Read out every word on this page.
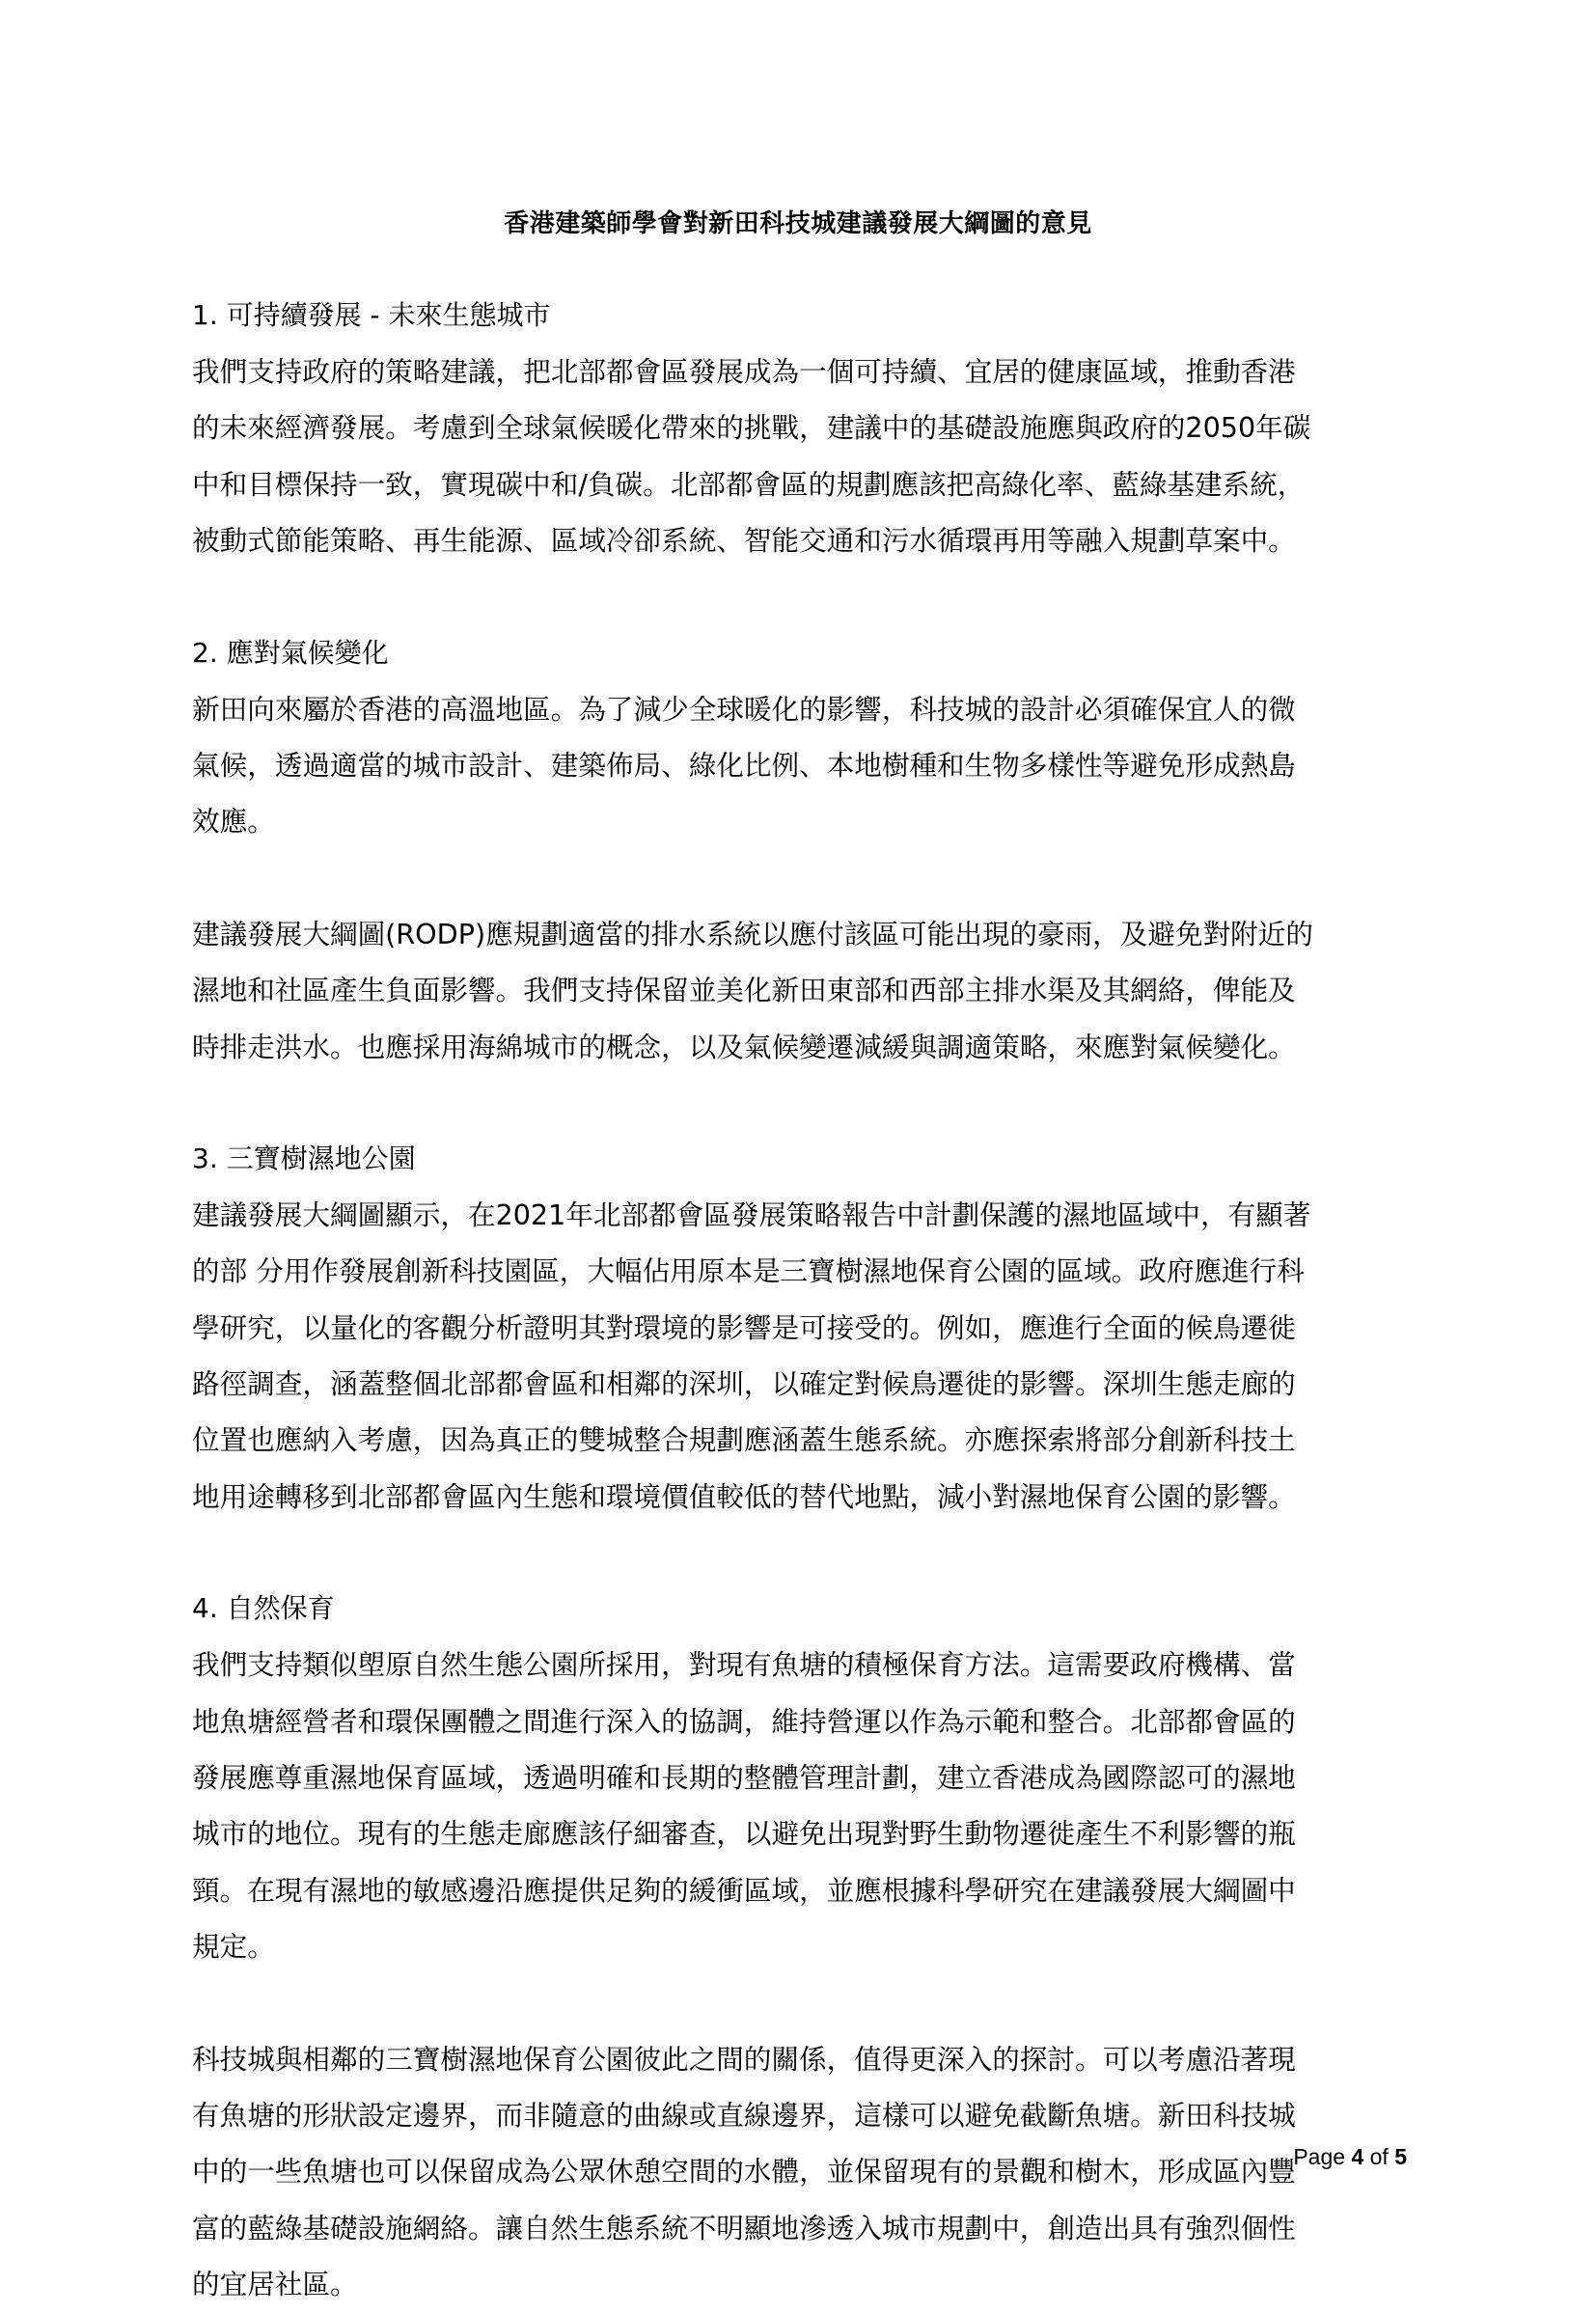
香港建築師學會對新田科技城建議發展大綱圖的意見
1. 可持續發展 - 未來生態城市
我們支持政府的策略建議，把北部都會區發展成為一個可持續、宜居的健康區域，推動香港
的未來經濟發展。考慮到全球氣候暖化帶來的挑戰，建議中的基礎設施應與政府的2050年碳
中和目標保持一致，實現碳中和/負碳。北部都會區的規劃應該把高綠化率、藍綠基建系統，
被動式節能策略、再生能源、區域冷卻系統、智能交通和污水循環再用等融入規劃草案中。
2. 應對氣候變化
新田向來屬於香港的高溫地區。為了減少全球暖化的影響，科技城的設計必須確保宜人的微
氣候，透過適當的城市設計、建築佈局、綠化比例、本地樹種和生物多樣性等避免形成熱島
效應。
建議發展大綱圖(RODP)應規劃適當的排水系統以應付該區可能出現的豪雨，及避免對附近的
濕地和社區產生負面影響。我們支持保留並美化新田東部和西部主排水渠及其網絡，俾能及
時排走洪水。也應採用海綿城市的概念，以及氣候變遷減緩與調適策略，來應對氣候變化。
3. 三寶樹濕地公園
建議發展大綱圖顯示，在2021年北部都會區發展策略報告中計劃保護的濕地區域中，有顯著
的部 分用作發展創新科技園區，大幅佔用原本是三寶樹濕地保育公園的區域。政府應進行科
學研究，以量化的客觀分析證明其對環境的影響是可接受的。例如，應進行全面的候鳥遷徙
路徑調查，涵蓋整個北部都會區和相鄰的深圳，以確定對候鳥遷徙的影響。深圳生態走廊的
位置也應納入考慮，因為真正的雙城整合規劃應涵蓋生態系統。亦應探索將部分創新科技土
地用途轉移到北部都會區內生態和環境價值較低的替代地點，減小對濕地保育公園的影響。
4. 自然保育
我們支持類似塱原自然生態公園所採用，對現有魚塘的積極保育方法。這需要政府機構、當
地魚塘經營者和環保團體之間進行深入的協調，維持營運以作為示範和整合。北部都會區的
發展應尊重濕地保育區域，透過明確和長期的整體管理計劃，建立香港成為國際認可的濕地
城市的地位。現有的生態走廊應該仔細審查，以避免出現對野生動物遷徙產生不利影響的瓶
頸。在現有濕地的敏感邊沿應提供足夠的緩衝區域，並應根據科學研究在建議發展大綱圖中
規定。
科技城與相鄰的三寶樹濕地保育公園彼此之間的關係，值得更深入的探討。可以考慮沿著現
有魚塘的形狀設定邊界，而非隨意的曲線或直線邊界，這樣可以避免截斷魚塘。新田科技城
中的一些魚塘也可以保留成為公眾休憩空間的水體，並保留現有的景觀和樹木，形成區內豐
富的藍綠基礎設施網絡。讓自然生態系統不明顯地滲透入城市規劃中，創造出具有強烈個性
的宜居社區。
Page 4 of 5
